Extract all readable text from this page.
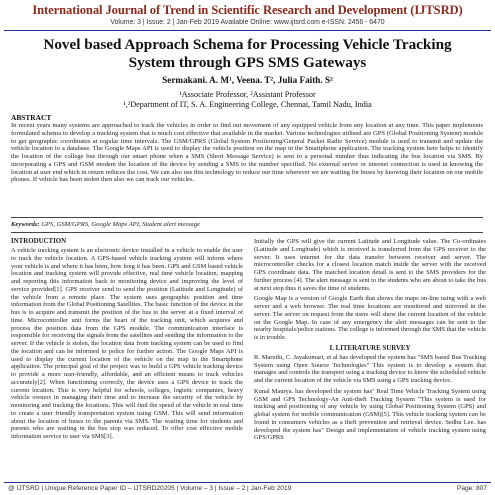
International Journal of Trend in Scientific Research and Development (IJTSRD)
Volume: 3 | Issue: 2 | Jan-Feb 2019 Available Online: www.ijtsrd.com e-ISSN: 2456 - 6470
Novel based Approach Schema for Processing Vehicle Tracking System through GPS SMS Gateways
Sermakani. A. M¹, Veena. T², Julia Faith. S²
¹Associate Professor, ²Assistant Professor
¹,²Department of IT, S. A. Engineering College, Chennai, Tamil Nadu, India
ABSTRACT
In recent years many systems are approached to track the vehicles in order to find out movement of any equipped vehicle from any location at any time. This paper implements formulated schema to develop a tracking system that is much cost effective that available in the market. Various technologies utilised are GPS (Global Positioning System) module to get geographic coordinates at regular time intervals. The GSM/GPRS (Global System Positioning/General Packet Radio Service) module is used to transmit and update the vehicle location to a database. The Google Maps API is used to display the vehicle position on the map in the Smartphone application. The tracking system here helps to identify the location of the college bus through our smart phone when a SMS (Short Message Service) is sent to a personal number thus indicating the bus location via SMS. By incorporating a GPS and GSM modem the location of the device by sending a SMS to the number specified. No external server or internet connection is used in knowing the location at user end which in return reduces the cost. We can also use this technology to reduce our time wherever we are waiting for buses by knowing their location on our mobile phones. If vehicle has been stolen then also we can track our vehicles.
Keywords: GPS, GSM/GPRS, Google Maps API, Student alert message
INTRODUCTION

A vehicle tracking system is an electronic device installed in a vehicle to enable the user to track the vehicle location. A GPS-based vehicle tracking system will inform where your vehicle is and where it has been, how long it has been. GPS and GSM based vehicle location and tracking system will provide effective, real time vehicle location, mapping and reporting this information back to monitoring device and improving the level of service provided[1]. GPS receiver send to send the position (Latitude and Longitude) of the vehicle from a remote place. The system uses geographic position and time information from the Global Positioning Satellites. The basic function of the device in the bus is to acquire and transmit the position of the bus to the server at a fixed interval of time. Microcontroller unit forms the heart of the tracking unit, which acquires and process the position data from the GPS module. The communication interface is responsible for receiving the signals from the satellites and sending the information to the server. If the vehicle is stolen, the location data from tracking system can be used to find the location and can be informed to police for further action. The Google Maps API is used to display the current location of the vehicle on the map in the Smartphone application. The principal goal of the project was to build a GPS vehicle tracking device to provide a more user-friendly, affordable, and an efficient means to track vehicles accurately[2]. When functioning correctly, the device uses a GPS device to track the current location. This is very helpful for schools, colleges, logistic companies, heavy vehicle owners in managing their time and to increase the security of the vehicle by monitoring and tracking the locations. This will find the speed of the vehicle in real time to create a user friendly transportation system using GSM. This will send information about the location of buses to the parents via SMS. The waiting time for students and parents who are waiting in the bus stop was reduced. To offer cost effective mobile information service to user via SMS[3].

Initially the GPS will give the current Latitude and Longitude value. The Co-ordinates (Latitude and Longitude) which is received is transferred from the GPS receiver to the server. It uses internet for the data transfer between receiver and server. The microcontroller checks for a closest location match inside the server with the received GPS coordinate data. The matched location detail is sent to the SMS providers for the further process [4]. The alert message is sent to the students who are about to take the bus at next stop thus it saves the time of students.

Google Map is a version of Google Earth that shows the maps on-line using with a web server and a web browser. The real time locations are monitored and mirrored in the server. The server on request from the users will show the current location of the vehicle on the Google Map. In case of any emergency the alert messages can be sent to the nearby hospitals/police stations. The college is informed through the SMS that the vehicle is in trouble.

I. LITERATURE SURVEY

R. Maruthi, C. Jayakumari, et al has developed the system has "SMS based Bus Tracking System using Open Source Technologies" This system is to develop a system that manages and controls the transport using a tracking device to know the scheduled vehicle and the current location of the vehicle via SMS using a GPS tracking device.

Kunal Maurya. has developed the system has" Real Time Vehicle Tracking System using GSM and GPS Technology-An Anti-theft Tracking System "This system is used for tracking and positioning of any vehicle by using Global Positioning System (GPS) and global system for mobile communication (GSM)[5]. This vehicle tracking system can be found in consumers vehicles as a theft prevention and retrieval device. Sedhu Lee. has developed the system has" Design and implementation of vehicle tracking system using GPS/GPRS

@ IJTSRD | Unique Reference Paper ID – IJTSRD20205 | Volume – 3 | Issue – 2 | Jan-Feb 2019	Page: 807
